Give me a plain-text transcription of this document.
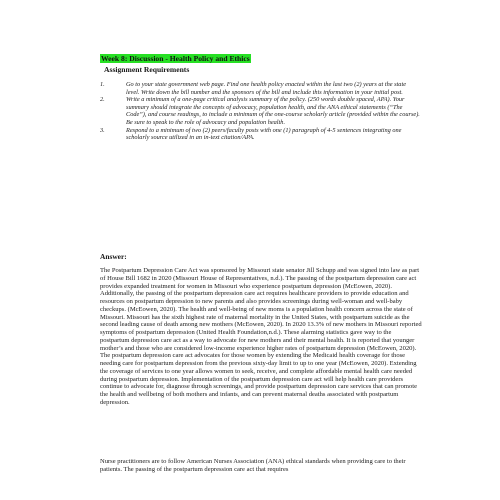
Week 8: Discussion - Health Policy and Ethics
Assignment Requirements
1.	Go to your state government web page. Find one health policy enacted within the last two (2) years at the state level. Write down the bill number and the sponsors of the bill and include this information in your initial post.
2.	Write a minimum of a one-page critical analysis summary of the policy. (250 words double spaced, APA). Your summary should integrate the concepts of advocacy, population health, and the ANA ethical statements (“The Code”), and course readings, to include a minimum of the one-course scholarly article (provided within the course). Be sure to speak to the role of advocacy and population health.
3.	Respond to a minimum of two (2) peers/faculty posts with one (1) paragraph of 4-5 sentences integrating one scholarly source utilized in an in-text citation/APA.
Answer:

The Postpartum Depression Care Act was sponsored by Missouri state senator Jill Schupp and was signed into law as part of House Bill 1682 in 2020 (Missouri House of Representatives, n.d.). The passing of the postpartum depression care act provides expanded treatment for women in Missouri who experience postpartum depression (McEowen, 2020). Additionally, the passing of the postpartum depression care act requires healthcare providers to provide education and resources on postpartum depression to new parents and also provides screenings during well-woman and well-baby checkups. (McEowen, 2020). The health and well-being of new moms is a population health concern across the state of Missouri. Missouri has the sixth highest rate of maternal mortality in the United States, with postpartum suicide as the second leading cause of death among new mothers (McEowen, 2020). In 2020 13.3% of new mothers in Missouri reported symptoms of postpartum depression (United Health Foundation,n.d.). These alarming statistics gave way to the postpartum depression care act as a way to advocate for new mothers and their mental health. It is reported that younger mother’s and those who are considered low-income experience higher rates of postpartum depression (McEowen, 2020). The postpartum depression care act advocates for those women by extending the Medicaid health coverage for those needing care for postpartum depression from the previous sixty-day limit to up to one year (McEowen, 2020). Extending the coverage of services to one year allows women to seek, receive, and complete affordable mental health care needed during postpartum depression. Implementation of the postpartum depression care act will help health care providers continue to advocate for, diagnose through screenings, and provide postpartum depression care services that can promote the health and wellbeing of both mothers and infants, and can prevent maternal deaths associated with postpartum depression.

Nurse practitioners are to follow American Nurses Association (ANA) ethical standards when providing care to their patients. The passing of the postpartum depression care act that requires
